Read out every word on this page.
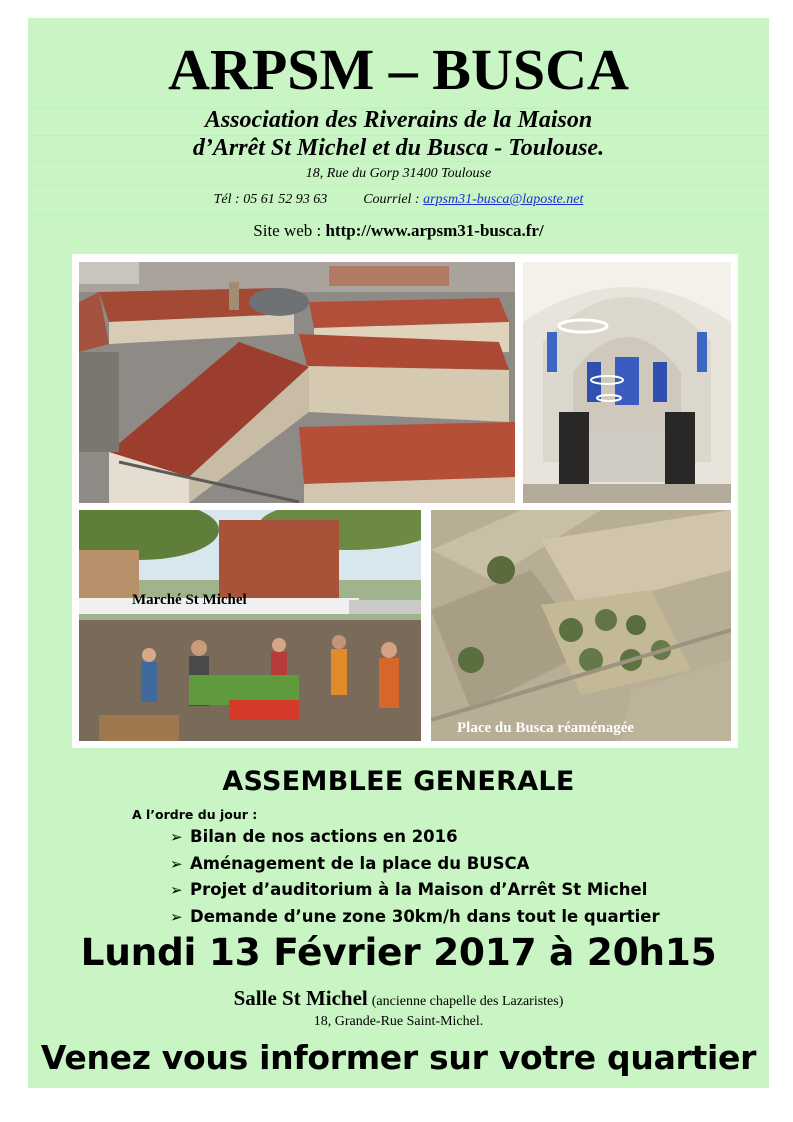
ARPSM – BUSCA
Association des Riverains de la Maison
d’Arrêt St Michel et du Busca - Toulouse.
18, Rue du Gorp 31400 Toulouse
Tél : 05 61 52 93 63	Courriel : arpsm31-busca@laposte.net
Site web : http://www.arpsm31-busca.fr/
Marché St Michel
Place du Busca réaménagée
ASSEMBLEE GENERALE
A l’ordre du jour :
➢ Bilan de nos actions en 2016
➢ Aménagement de la place du BUSCA
➢ Projet d’auditorium à la Maison d’Arrêt St Michel
➢ Demande d’une zone 30km/h dans tout le quartier
Lundi 13 Février 2017 à 20h15
Salle St Michel (ancienne chapelle des Lazaristes)
18, Grande-Rue Saint-Michel.
Venez vous informer sur votre quartier
